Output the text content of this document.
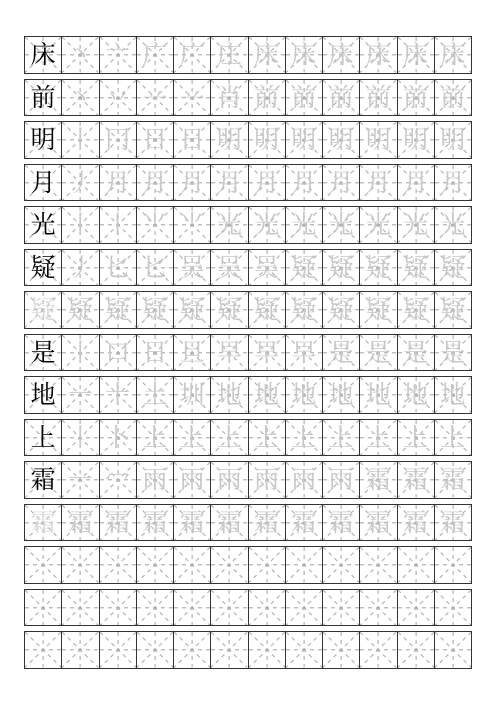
床 丶 亠 广 广 庄 床 床 床 床 床 床
前 丶 丷 䒑 䒑 肖 前 前 前 前 前 前
明 丨 冂 日 日 明 明 明 明 明 明 明
月 丿 月 月 月 月 月 月 月 月 月 月
光 丨 丨 ⺌ ⺌ 光 光 光 光 光 光 光
疑 丿 匕 匕 吴 吴 吴 疑 疑 疑 疑 疑
疑 疑 疑 疑 疑 疑 疑 疑 疑 疑 疑 疑
是 丨 口 日 旦 早 早 早 是 是 是 是
地 一 十 土 圳 地 地 地 地 地 地 地
上 丨 卜 上 上 上 上 上 上 上 上 上
霜 一 冖 雨 雨 雨 雨 雨 雨 霜 霜 霜
霜 霜 霜 霜 霜 霜 霜 霜 霜 霜 霜 霜
